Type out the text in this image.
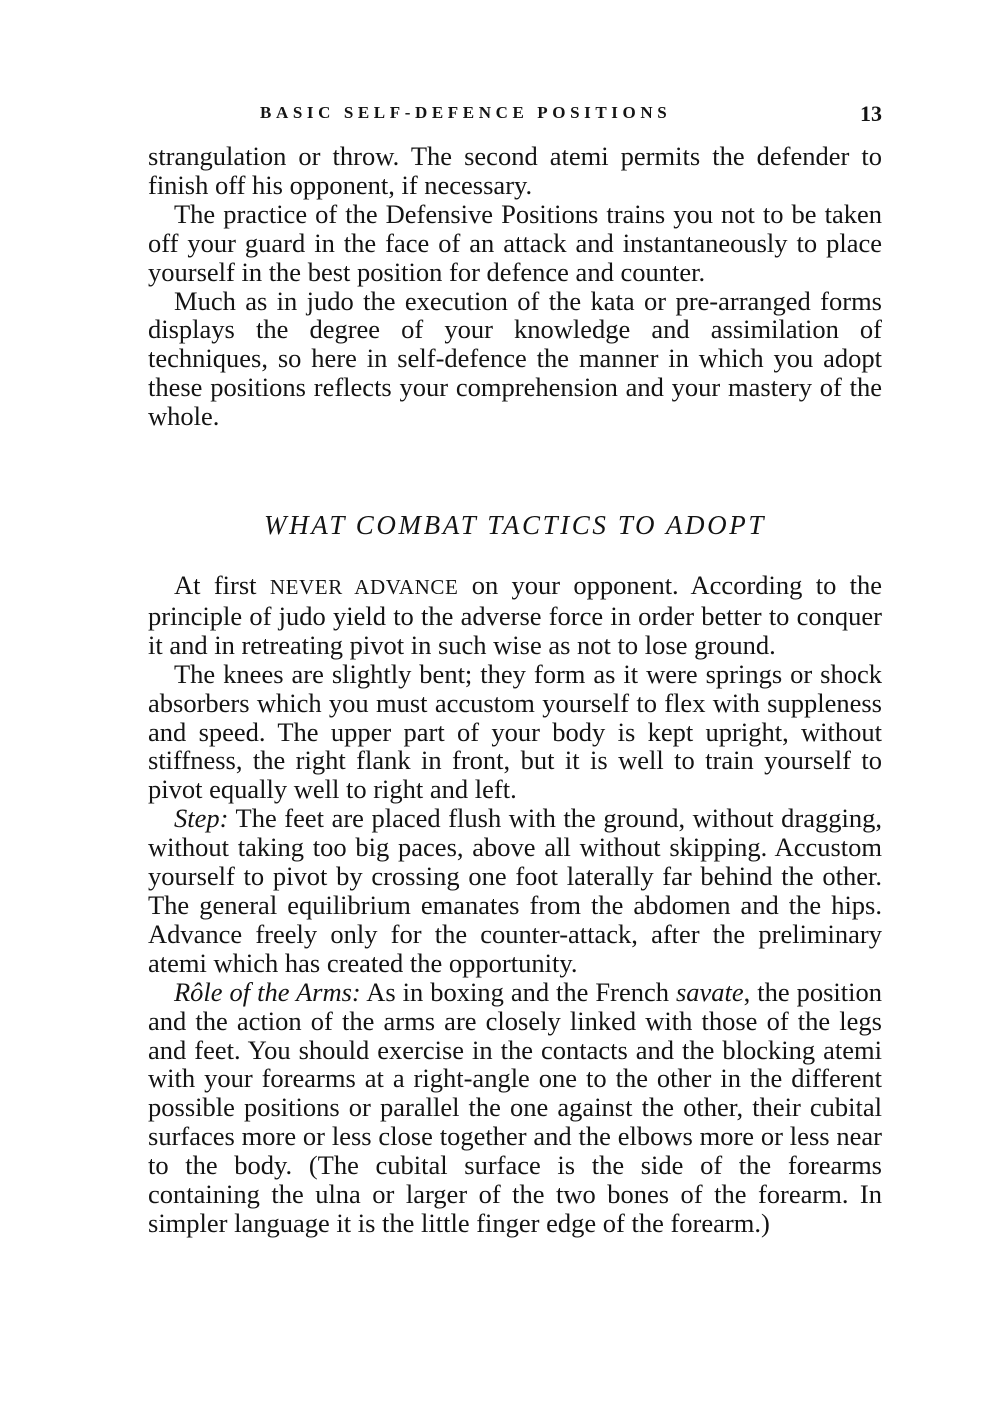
BASIC SELF-DEFENCE POSITIONS	13

strangulation or throw. The second atemi permits the defender to finish off his opponent, if necessary.

The practice of the Defensive Positions trains you not to be taken off your guard in the face of an attack and instantaneously to place yourself in the best position for defence and counter.

Much as in judo the execution of the kata or pre-arranged forms displays the degree of your knowledge and assimilation of techniques, so here in self-defence the manner in which you adopt these positions reflects your comprehension and your mastery of the whole.

WHAT COMBAT TACTICS TO ADOPT

At first NEVER ADVANCE on your opponent. According to the principle of judo yield to the adverse force in order better to conquer it and in retreating pivot in such wise as not to lose ground.

The knees are slightly bent; they form as it were springs or shock absorbers which you must accustom yourself to flex with suppleness and speed. The upper part of your body is kept upright, without stiffness, the right flank in front, but it is well to train yourself to pivot equally well to right and left.

Step: The feet are placed flush with the ground, without dragging, without taking too big paces, above all without skipping. Accustom yourself to pivot by crossing one foot laterally far behind the other. The general equilibrium emanates from the abdomen and the hips. Advance freely only for the counter-attack, after the preliminary atemi which has created the opportunity.

Rôle of the Arms: As in boxing and the French savate, the position and the action of the arms are closely linked with those of the legs and feet. You should exercise in the contacts and the blocking atemi with your forearms at a right-angle one to the other in the different possible positions or parallel the one against the other, their cubital surfaces more or less close together and the elbows more or less near to the body. (The cubital surface is the side of the forearms containing the ulna or larger of the two bones of the forearm. In simpler language it is the little finger edge of the forearm.)
